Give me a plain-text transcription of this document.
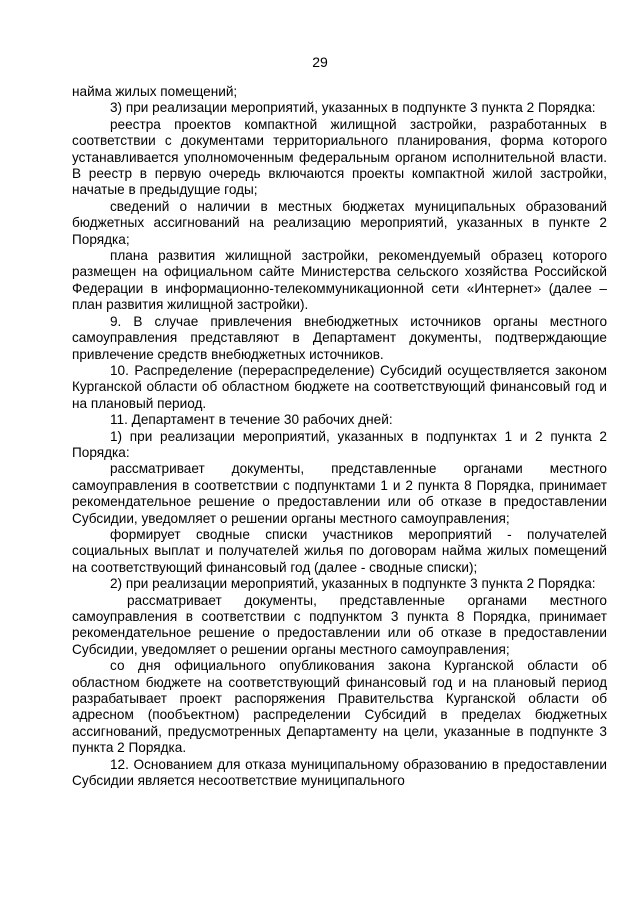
29

найма жилых помещений;

3) при реализации мероприятий, указанных в подпункте 3 пункта 2 Порядка:

реестра проектов компактной жилищной застройки, разработанных в соответствии с документами территориального планирования, форма которого устанавливается уполномоченным федеральным органом исполнительной власти. В реестр в первую очередь включаются проекты компактной жилой застройки, начатые в предыдущие годы;

сведений о наличии в местных бюджетах муниципальных образований бюджетных ассигнований на реализацию мероприятий, указанных в пункте 2 Порядка;

плана развития жилищной застройки, рекомендуемый образец которого размещен на официальном сайте Министерства сельского хозяйства Российской Федерации в информационно-телекоммуникационной сети «Интернет» (далее – план развития жилищной застройки).

9. В случае привлечения внебюджетных источников органы местного самоуправления представляют в Департамент документы, подтверждающие привлечение средств внебюджетных источников.

10. Распределение (перераспределение) Субсидий осуществляется законом Курганской области об областном бюджете на соответствующий финансовый год и на плановый период.

11. Департамент в течение 30 рабочих дней:

1) при реализации мероприятий, указанных в подпунктах 1 и 2 пункта 2 Порядка:

рассматривает документы, представленные органами местного самоуправления в соответствии с подпунктами 1 и 2 пункта 8 Порядка, принимает рекомендательное решение о предоставлении или об отказе в предоставлении Субсидии, уведомляет о решении органы местного самоуправления;

формирует сводные списки участников мероприятий - получателей социальных выплат и получателей жилья по договорам найма жилых помещений на соответствующий финансовый год (далее - сводные списки);

2) при реализации мероприятий, указанных в подпункте 3 пункта 2 Порядка:

рассматривает документы, представленные органами местного самоуправления в соответствии с подпунктом 3 пункта 8 Порядка, принимает рекомендательное решение о предоставлении или об отказе в предоставлении Субсидии, уведомляет о решении органы местного самоуправления;

со дня официального опубликования закона Курганской области об областном бюджете на соответствующий финансовый год и на плановый период разрабатывает проект распоряжения Правительства Курганской области об адресном (пообъектном) распределении Субсидий в пределах бюджетных ассигнований, предусмотренных Департаменту на цели, указанные в подпункте 3 пункта 2 Порядка.

12. Основанием для отказа муниципальному образованию в предоставлении Субсидии является несоответствие муниципального
